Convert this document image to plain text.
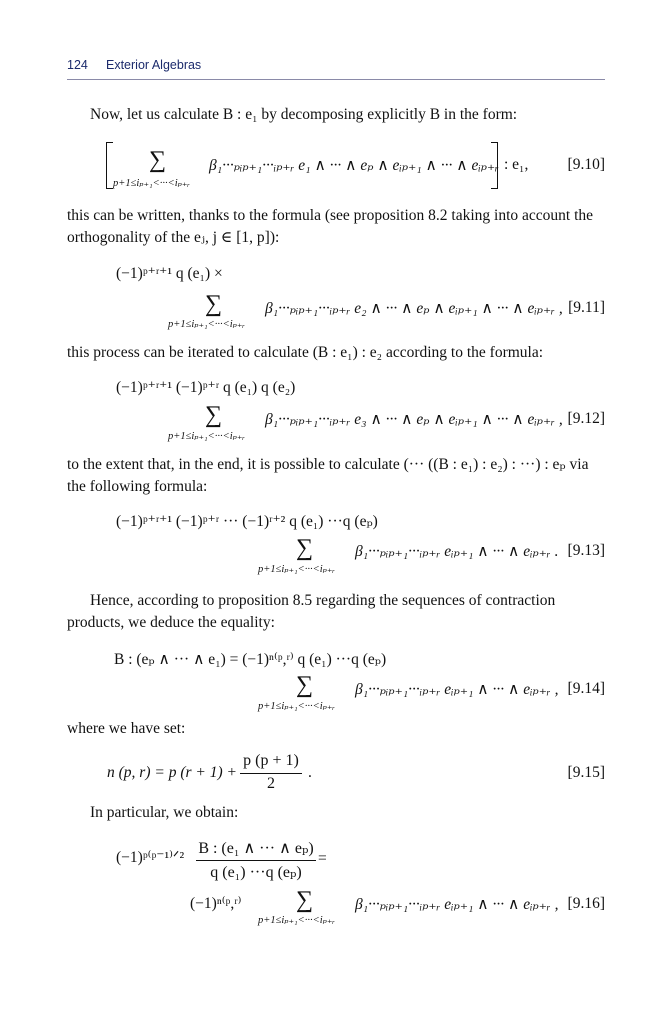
124 Exterior Algebras
Now, let us calculate B : e₁ by decomposing explicitly B in the form:
∑
p+1≤iₚ₊₁<···<iₚ₊ᵣ
β₁···ₚᵢₚ₊₁···ᵢₚ₊ᵣ e₁ ∧ ··· ∧ eₚ ∧ eᵢₚ₊₁ ∧ ··· ∧ eᵢₚ₊ᵣ : e₁,	[9.10]
this can be written, thanks to the formula (see proposition 8.2 taking into account the
orthogonality of the eⱼ, j ∈ [1, p]):
(−1)ᵖ⁺ʳ⁺¹ q (e₁) ×
∑
p+1≤iₚ₊₁<···<iₚ₊ᵣ
β₁···ₚᵢₚ₊₁···ᵢₚ₊ᵣ e₂ ∧ ··· ∧ eₚ ∧ eᵢₚ₊₁ ∧ ··· ∧ eᵢₚ₊ᵣ , [9.11]
this process can be iterated to calculate (B : e₁) : e₂ according to the formula:
(−1)ᵖ⁺ʳ⁺¹ (−1)ᵖ⁺ʳ q (e₁) q (e₂)
∑
p+1≤iₚ₊₁<···<iₚ₊ᵣ
β₁···ₚᵢₚ₊₁···ᵢₚ₊ᵣ e₃ ∧ ··· ∧ eₚ ∧ eᵢₚ₊₁ ∧ ··· ∧ eᵢₚ₊ᵣ , [9.12]
to the extent that, in the end, it is possible to calculate (··· ((B : e₁) : e₂) : ···) : eₚ via
the following formula:
(−1)ᵖ⁺ʳ⁺¹ (−1)ᵖ⁺ʳ ··· (−1)ʳ⁺² q (e₁) ···q (eₚ)
∑
p+1≤iₚ₊₁<···<iₚ₊ᵣ
β₁···ₚᵢₚ₊₁···ᵢₚ₊ᵣ eᵢₚ₊₁ ∧ ··· ∧ eᵢₚ₊ᵣ . [9.13]
Hence, according to proposition 8.5 regarding the sequences of contraction
products, we deduce the equality:
B : (eₚ ∧ ··· ∧ e₁) = (−1)ⁿ⁽ᵖ,ʳ⁾ q (e₁) ···q (eₚ)
∑
p+1≤iₚ₊₁<···<iₚ₊ᵣ
β₁···ₚᵢₚ₊₁···ᵢₚ₊ᵣ eᵢₚ₊₁ ∧ ··· ∧ eᵢₚ₊ᵣ , [9.14]
where we have set:
n (p, r) = p (r + 1) +
p (p + 1)
2
.	[9.15]
In particular, we obtain:
(−1)ᵖ⁽ᵖ⁻¹⁾ᐟ²
B : (e₁ ∧ ··· ∧ eₚ)
q (e₁) ···q (eₚ)
=
(−1)ⁿ⁽ᵖ,ʳ⁾ ∑
p+1≤iₚ₊₁<···<iₚ₊ᵣ
β₁···ₚᵢₚ₊₁···ᵢₚ₊ᵣ eᵢₚ₊₁ ∧ ··· ∧ eᵢₚ₊ᵣ , [9.16]
